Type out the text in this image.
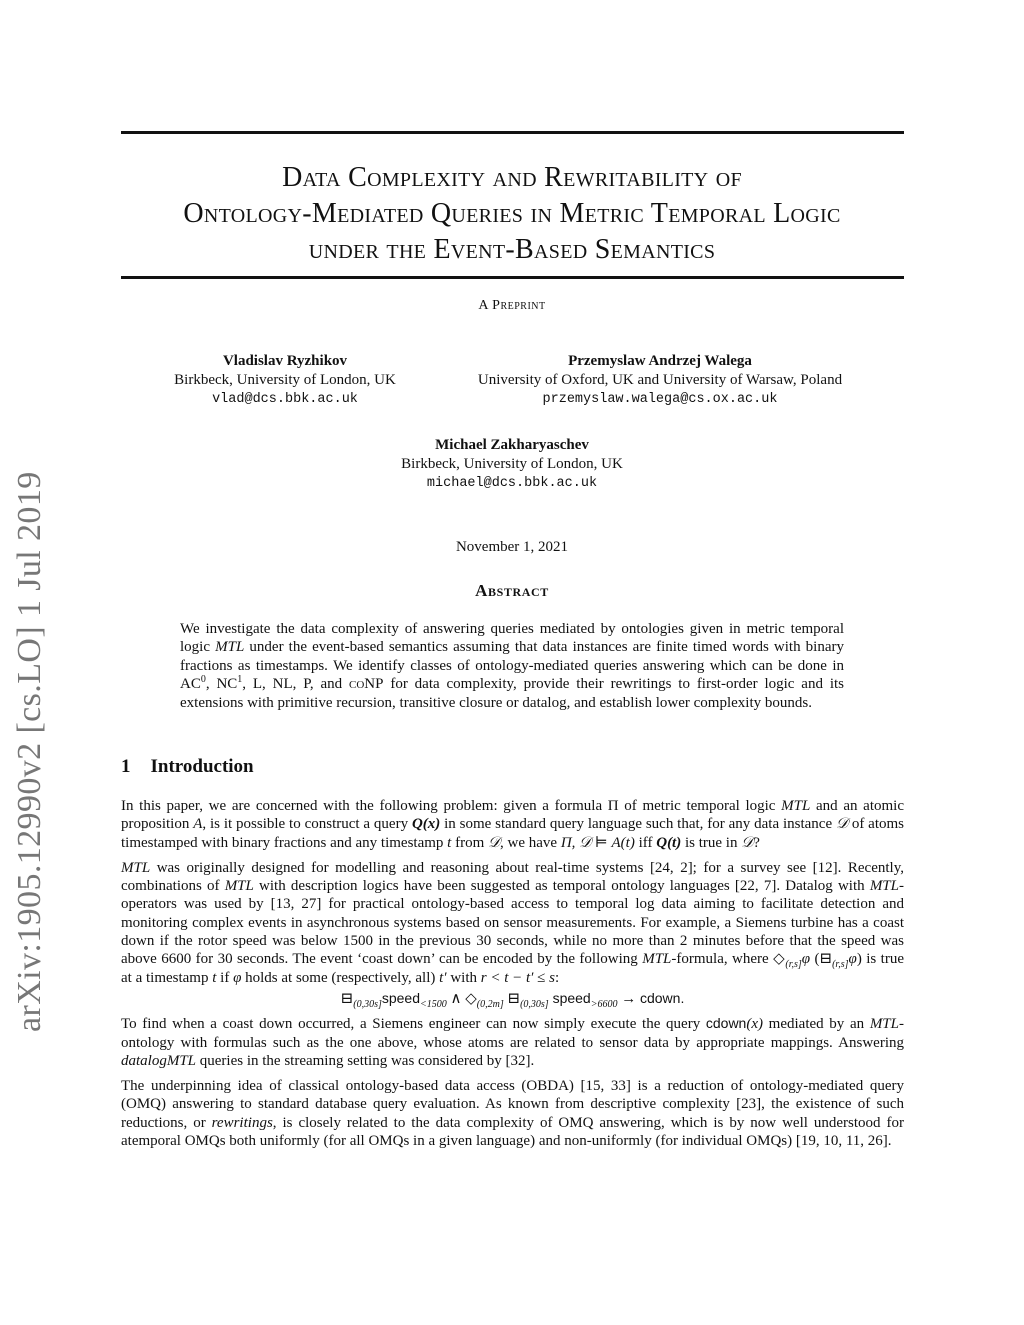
arXiv:1905.12990v2 [cs.LO] 1 Jul 2019
Data Complexity and Rewritability of
Ontology-Mediated Queries in Metric Temporal Logic
under the Event-Based Semantics
A Preprint
Vladislav Ryzhikov
Birkbeck, University of London, UK
vlad@dcs.bbk.ac.uk
Przemyslaw Andrzej Walega
University of Oxford, UK and University of Warsaw, Poland
przemyslaw.walega@cs.ox.ac.uk
Michael Zakharyaschev
Birkbeck, University of London, UK
michael@dcs.bbk.ac.uk
November 1, 2021
Abstract
We investigate the data complexity of answering queries mediated by ontologies given in metric temporal logic MTL under the event-based semantics assuming that data instances are finite timed words with binary fractions as timestamps. We identify classes of ontology-mediated queries answering which can be done in $AC^0$, $NC^1$, L, NL, P, and coNP for data complexity, provide their rewritings to first-order logic and its extensions with primitive recursion, transitive closure or datalog, and establish lower complexity bounds.
1 Introduction

In this paper, we are concerned with the following problem: given a formula Π of metric temporal logic MTL and an atomic proposition A, is it possible to construct a query Q(x) in some standard query language such that, for any data instance 𝒟 of atoms timestamped with binary fractions and any timestamp t from 𝒟, we have Π, 𝒟 ⊨ A(t) iff Q(t) is true in 𝒟?

MTL was originally designed for modelling and reasoning about real-time systems [24, 2]; for a survey see [12]. Recently, combinations of MTL with description logics have been suggested as temporal ontology languages [22, 7]. Datalog with MTL-operators was used by [13, 27] for practical ontology-based access to temporal log data aiming to facilitate detection and monitoring complex events in asynchronous systems based on sensor measurements. For example, a Siemens turbine has a coast down if the rotor speed was below 1500 in the previous 30 seconds, while no more than 2 minutes before that the speed was above 6600 for 30 seconds. The event ‘coast down’ can be encoded by the following MTL-formula, where $◇_{(r,s]}\varphi$ $(⊟_{(r,s]}\varphi)$ is true at a timestamp t if φ holds at some (respectively, all) t′ with r < t − t′ ≤ s:

$⊟_{(0,30s]}speed_{<1500}$ ∧ $◇_{(0,2m]}$ $⊟_{(0,30s]}$ speed$_{>6600}$ → cdown.

To find when a coast down occurred, a Siemens engineer can now simply execute the query cdown(x) mediated by an MTL-ontology with formulas such as the one above, whose atoms are related to sensor data by appropriate mappings. Answering datalogMTL queries in the streaming setting was considered by [32].

The underpinning idea of classical ontology-based data access (OBDA) [15, 33] is a reduction of ontology-mediated query (OMQ) answering to standard database query evaluation. As known from descriptive complexity [23], the existence of such reductions, or rewritings, is closely related to the data complexity of OMQ answering, which is by now well understood for atemporal OMQs both uniformly (for all OMQs in a given language) and non-uniformly (for individual OMQs) [19, 10, 11, 26].
